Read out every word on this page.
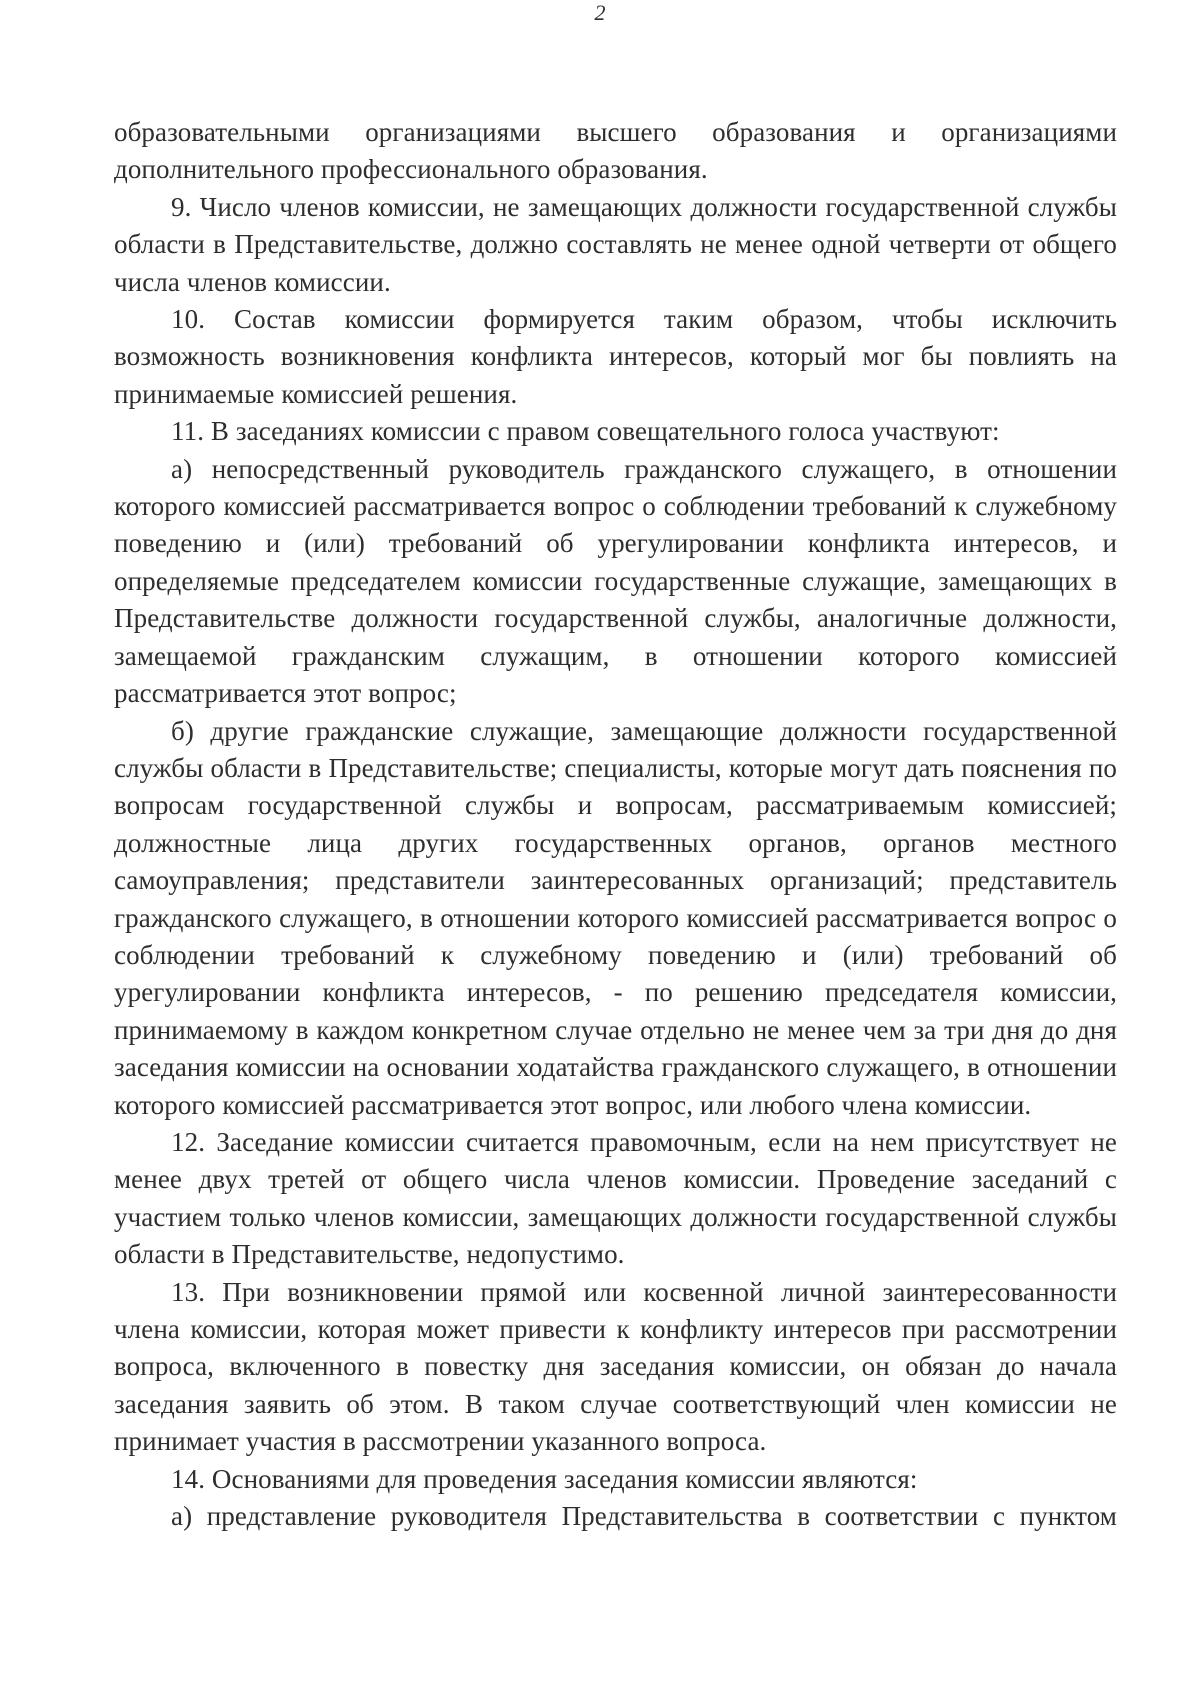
2

образовательными организациями высшего образования и организациями дополнительного профессионального образования.

9. Число членов комиссии, не замещающих должности государственной службы области в Представительстве, должно составлять не менее одной четверти от общего числа членов комиссии.

10. Состав комиссии формируется таким образом, чтобы исключить возможность возникновения конфликта интересов, который мог бы повлиять на принимаемые комиссией решения.

11. В заседаниях комиссии с правом совещательного голоса участвуют:

а) непосредственный руководитель гражданского служащего, в отношении которого комиссией рассматривается вопрос о соблюдении требований к служебному поведению и (или) требований об урегулировании конфликта интересов, и определяемые председателем комиссии государственные служащие, замещающих в Представительстве должности государственной службы, аналогичные должности, замещаемой гражданским служащим, в отношении которого комиссией рассматривается этот вопрос;

б) другие гражданские служащие, замещающие должности государственной службы области в Представительстве; специалисты, которые могут дать пояснения по вопросам государственной службы и вопросам, рассматриваемым комиссией; должностные лица других государственных органов, органов местного самоуправления; представители заинтересованных организаций; представитель гражданского служащего, в отношении которого комиссией рассматривается вопрос о соблюдении требований к служебному поведению и (или) требований об урегулировании конфликта интересов, - по решению председателя комиссии, принимаемому в каждом конкретном случае отдельно не менее чем за три дня до дня заседания комиссии на основании ходатайства гражданского служащего, в отношении которого комиссией рассматривается этот вопрос, или любого члена комиссии.

12. Заседание комиссии считается правомочным, если на нем присутствует не менее двух третей от общего числа членов комиссии. Проведение заседаний с участием только членов комиссии, замещающих должности государственной службы области в Представительстве, недопустимо.

13. При возникновении прямой или косвенной личной заинтересованности члена комиссии, которая может привести к конфликту интересов при рассмотрении вопроса, включенного в повестку дня заседания комиссии, он обязан до начала заседания заявить об этом. В таком случае соответствующий член комиссии не принимает участия в рассмотрении указанного вопроса.

14. Основаниями для проведения заседания комиссии являются:

а) представление руководителя Представительства в соответствии с пунктом
